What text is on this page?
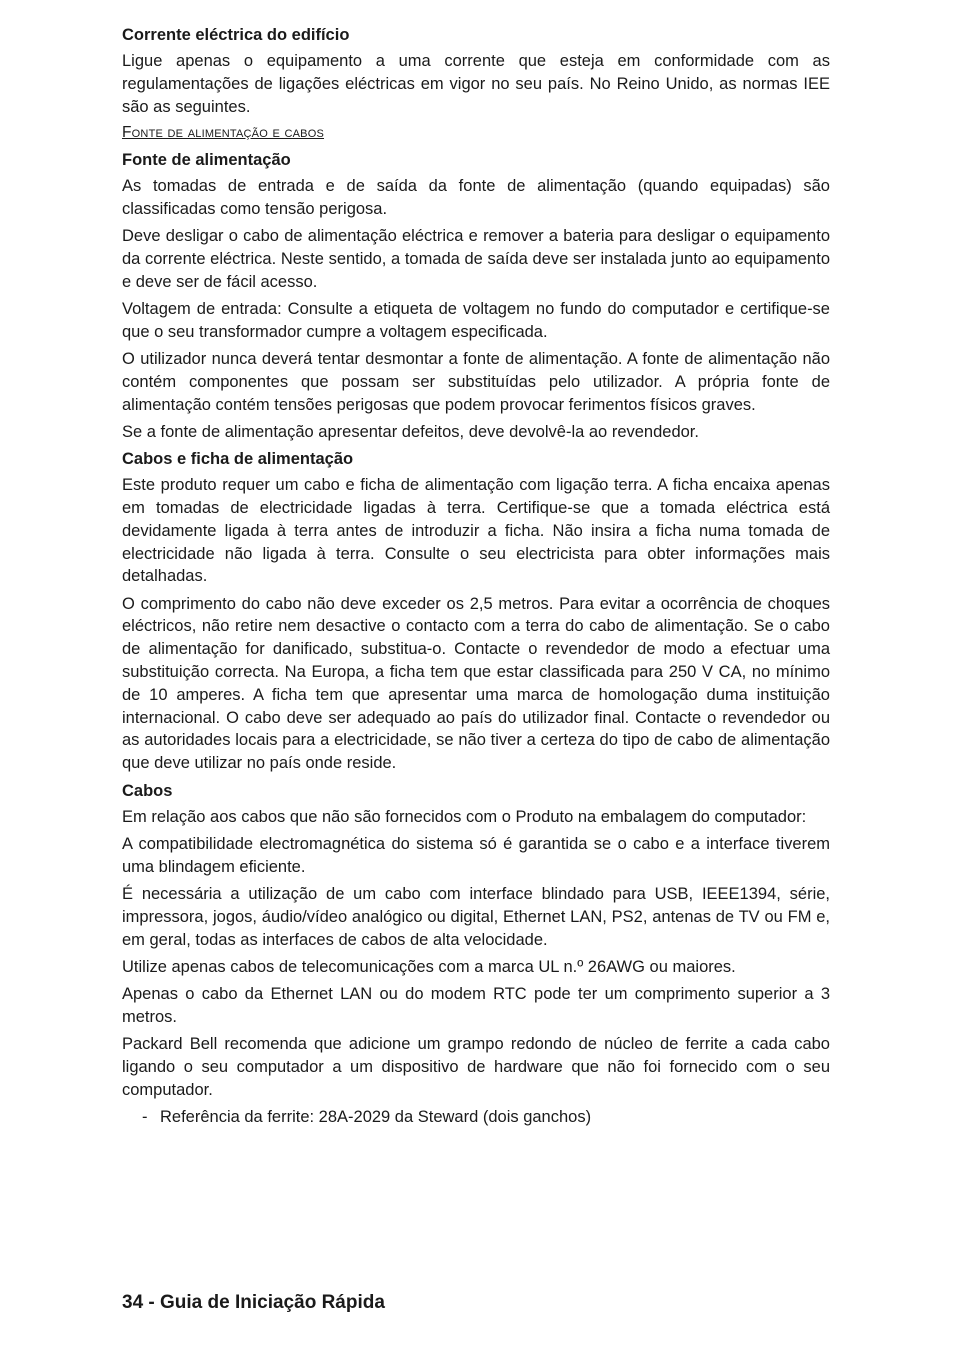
Corrente eléctrica do edifício

Ligue apenas o equipamento a uma corrente que esteja em conformidade com as regulamentações de ligações eléctricas em vigor no seu país. No Reino Unido, as normas IEE são as seguintes.

Fonte de alimentação e cabos
Fonte de alimentação

As tomadas de entrada e de saída da fonte de alimentação (quando equipadas) são classificadas como tensão perigosa.

Deve desligar o cabo de alimentação eléctrica e remover a bateria para desligar o equipamento da corrente eléctrica. Neste sentido, a tomada de saída deve ser instalada junto ao equipamento e deve ser de fácil acesso.

Voltagem de entrada: Consulte a etiqueta de voltagem no fundo do computador e certifique-se que o seu transformador cumpre a voltagem especificada.

O utilizador nunca deverá tentar desmontar a fonte de alimentação. A fonte de alimentação não contém componentes que possam ser substituídas pelo utilizador. A própria fonte de alimentação contém tensões perigosas que podem provocar ferimentos físicos graves.

Se a fonte de alimentação apresentar defeitos, deve devolvê-la ao revendedor.

Cabos e ficha de alimentação

Este produto requer um cabo e ficha de alimentação com ligação terra. A ficha encaixa apenas em tomadas de electricidade ligadas à terra. Certifique-se que a tomada eléctrica está devidamente ligada à terra antes de introduzir a ficha. Não insira a ficha numa tomada de electricidade não ligada à terra. Consulte o seu electricista para obter informações mais detalhadas.

O comprimento do cabo não deve exceder os 2,5 metros. Para evitar a ocorrência de choques eléctricos, não retire nem desactive o contacto com a terra do cabo de alimentação. Se o cabo de alimentação for danificado, substitua-o. Contacte o revendedor de modo a efectuar uma substituição correcta. Na Europa, a ficha tem que estar classificada para 250 V CA, no mínimo de 10 amperes. A ficha tem que apresentar uma marca de homologação duma instituição internacional. O cabo deve ser adequado ao país do utilizador final. Contacte o revendedor ou as autoridades locais para a electricidade, se não tiver a certeza do tipo de cabo de alimentação que deve utilizar no país onde reside.

Cabos

Em relação aos cabos que não são fornecidos com o Produto na embalagem do computador:

A compatibilidade electromagnética do sistema só é garantida se o cabo e a interface tiverem uma blindagem eficiente.

É necessária a utilização de um cabo com interface blindado para USB, IEEE1394, série, impressora, jogos, áudio/vídeo analógico ou digital, Ethernet LAN, PS2, antenas de TV ou FM e, em geral, todas as interfaces de cabos de alta velocidade.

Utilize apenas cabos de telecomunicações com a marca UL n.º 26AWG ou maiores.

Apenas o cabo da Ethernet LAN ou do modem RTC pode ter um comprimento superior a 3 metros.

Packard Bell recomenda que adicione um grampo redondo de núcleo de ferrite a cada cabo ligando o seu computador a um dispositivo de hardware que não foi fornecido com o seu computador.

- Referência da ferrite: 28A-2029 da Steward (dois ganchos)
34 - Guia de Iniciação Rápida
